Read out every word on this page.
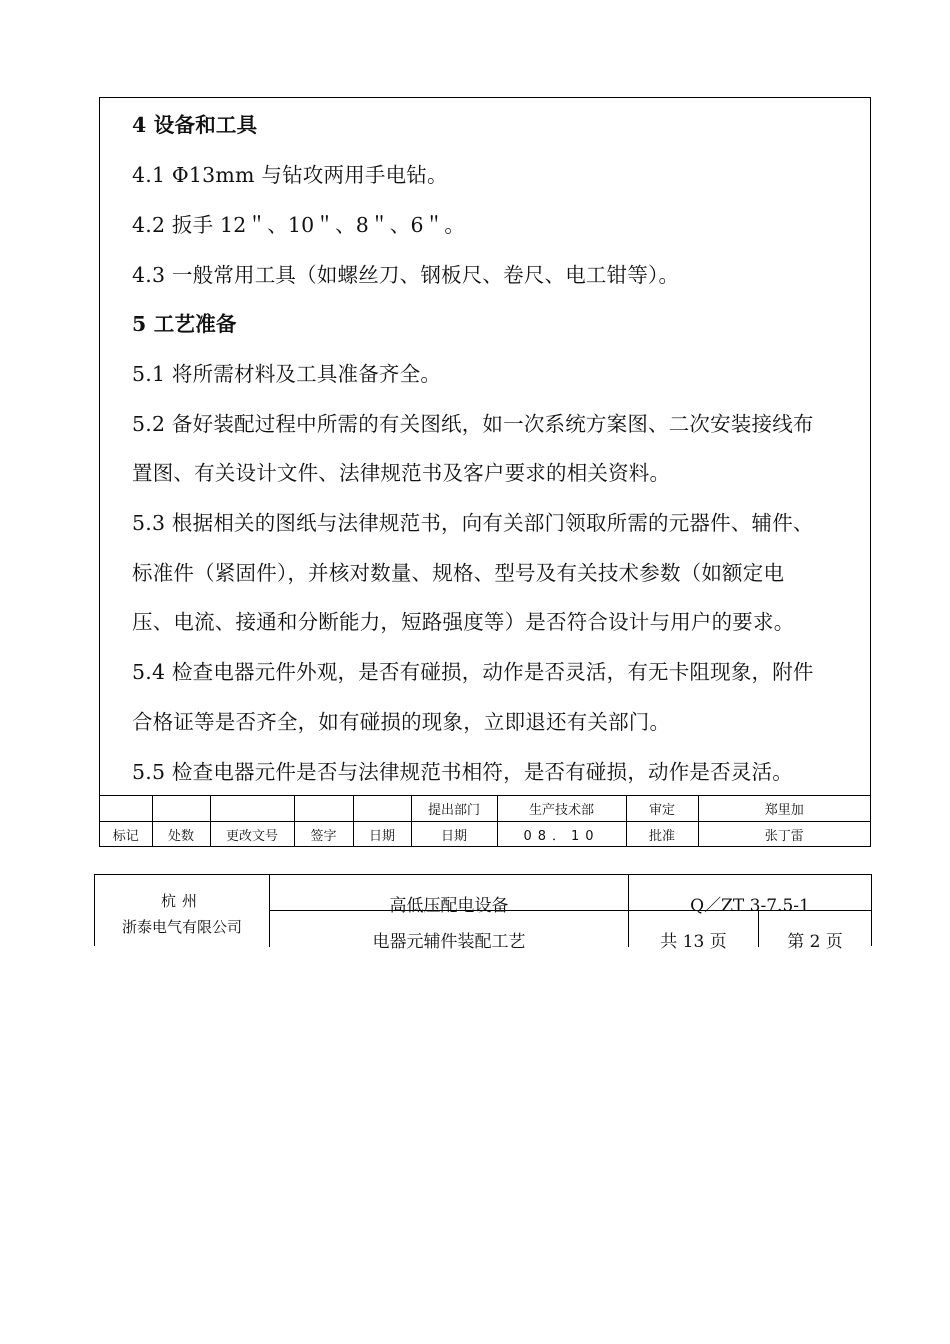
4 设备和工具
4.1 Φ13mm 与钻攻两用手电钻。
4.2 扳手 12＂、10＂、8＂、6＂。
4.3 一般常用工具（如螺丝刀、钢板尺、卷尺、电工钳等）。
5 工艺准备
5.1 将所需材料及工具准备齐全。
5.2 备好装配过程中所需的有关图纸，如一次系统方案图、二次安装接线布
置图、有关设计文件、法律规范书及客户要求的相关资料。
5.3 根据相关的图纸与法律规范书，向有关部门领取所需的元器件、辅件、
标准件（紧固件），并核对数量、规格、型号及有关技术参数（如额定电
压、电流、接通和分断能力，短路强度等）是否符合设计与用户的要求。
5.4 检查电器元件外观，是否有碰损，动作是否灵活，有无卡阻现象，附件
合格证等是否齐全，如有碰损的现象，立即退还有关部门。
5.5 检查电器元件是否与法律规范书相符，是否有碰损，动作是否灵活。
					提出部门	生产技术部	审定	郑里加
标记	处数	更改文号	签字	日期	日期	08．10	批准	张丁雷
杭州
浙泰电气有限公司
高低压配电设备	Q／ZT 3-7.5-1
电器元辅件装配工艺	共 13 页	第 2 页
